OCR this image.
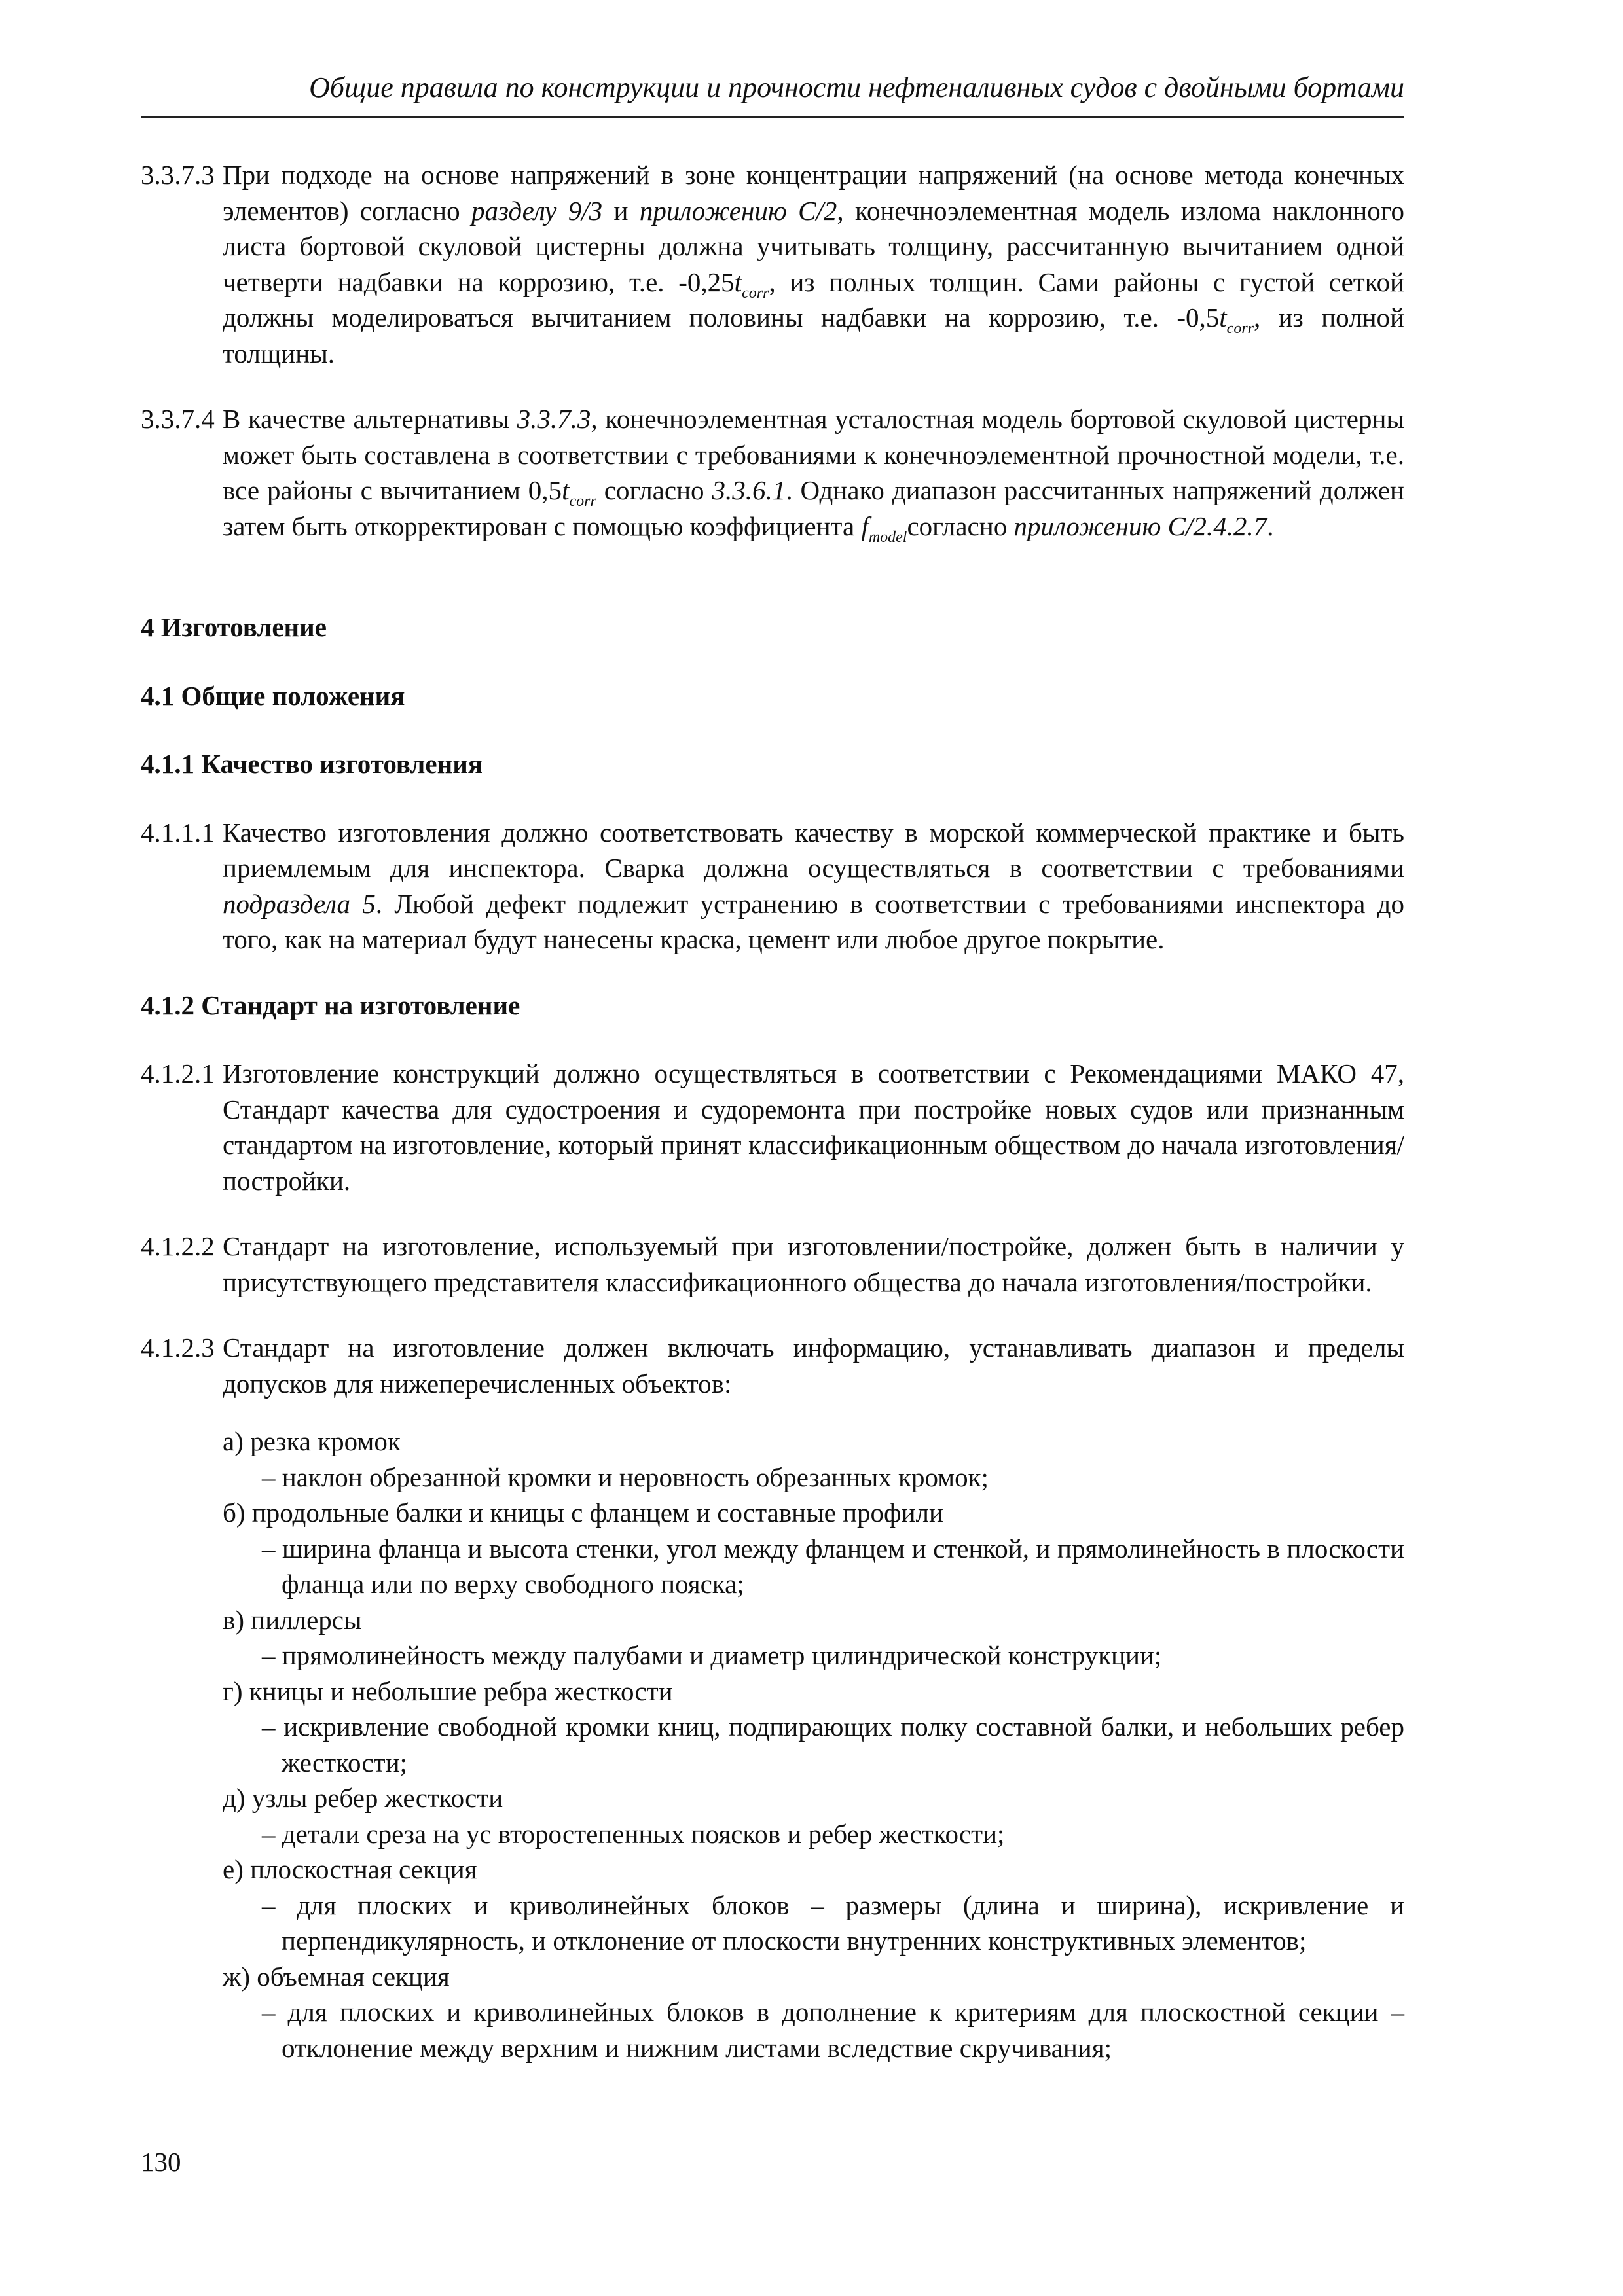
Общие правила по конструкции и прочности нефтеналивных судов с двойными бортами

3.3.7.3 При подходе на основе напряжений в зоне концентрации напряжений (на основе метода конечных элементов) согласно разделу 9/3 и приложению C/2, конечноэлементная модель излома наклонного листа бортовой скуловой цистерны должна учитывать толщину, рассчитанную вычитанием одной четверти надбавки на коррозию, т.е. $-0,25t_{corr}$, из полных толщин. Сами районы с густой сеткой должны моделироваться вычитанием половины надбавки на коррозию, т.е. $-0,5t_{corr}$, из полной толщины.

3.3.7.4 В качестве альтернативы 3.3.7.3, конечноэлементная усталостная модель бортовой скуловой цистерны может быть составлена в соответствии с требованиями к конечноэлементной прочностной модели, т.е. все районы с вычитанием $0,5t_{corr}$ согласно 3.3.6.1. Однако диапазон рассчитанных напряжений должен затем быть откорректирован с помощью коэффициента $f_{model}согласно$ приложению C/2.4.2.7.

4 Изготовление
4.1 Общие положения
4.1.1 Качество изготовления

4.1.1.1 Качество изготовления должно соответствовать качеству в морской коммерческой практике и быть приемлемым для инспектора. Сварка должна осуществляться в соответствии с требованиями подраздела 5. Любой дефект подлежит устранению в соответствии с требованиями инспектора до того, как на материал будут нанесены краска, цемент или любое другое покрытие.

4.1.2 Стандарт на изготовление

4.1.2.1 Изготовление конструкций должно осуществляться в соответствии с Рекомендациями МАКО 47, Стандарт качества для судостроения и судоремонта при постройке новых судов или признанным стандартом на изготовление, который принят классификационным обществом до начала изготовления/постройки.

4.1.2.2 Стандарт на изготовление, используемый при изготовлении/постройке, должен быть в наличии у присутствующего представителя классификационного общества до начала изготовления/постройки.

4.1.2.3 Стандарт на изготовление должен включать информацию, устанавливать диапазон и пределы допусков для нижеперечисленных объектов:

а) резка кромок

– наклон обрезанной кромки и неровность обрезанных кромок;

б) продольные балки и кницы с фланцем и составные профили

– ширина фланца и высота стенки, угол между фланцем и стенкой, и прямолинейность в плоскости фланца или по верху свободного пояска;

в) пиллерсы

– прямолинейность между палубами и диаметр цилиндрической конструкции;

г) кницы и небольшие ребра жесткости

– искривление свободной кромки книц, подпирающих полку составной балки, и небольших ребер жесткости;

д) узлы ребер жесткости

– детали среза на ус второстепенных поясков и ребер жесткости;

е) плоскостная секция

– для плоских и криволинейных блоков – размеры (длина и ширина), искривление и перпендикулярность, и отклонение от плоскости внутренних конструктивных элементов;

ж) объемная секция

– для плоских и криволинейных блоков в дополнение к критериям для плоскостной секции – отклонение между верхним и нижним листами вследствие скручивания;

130
